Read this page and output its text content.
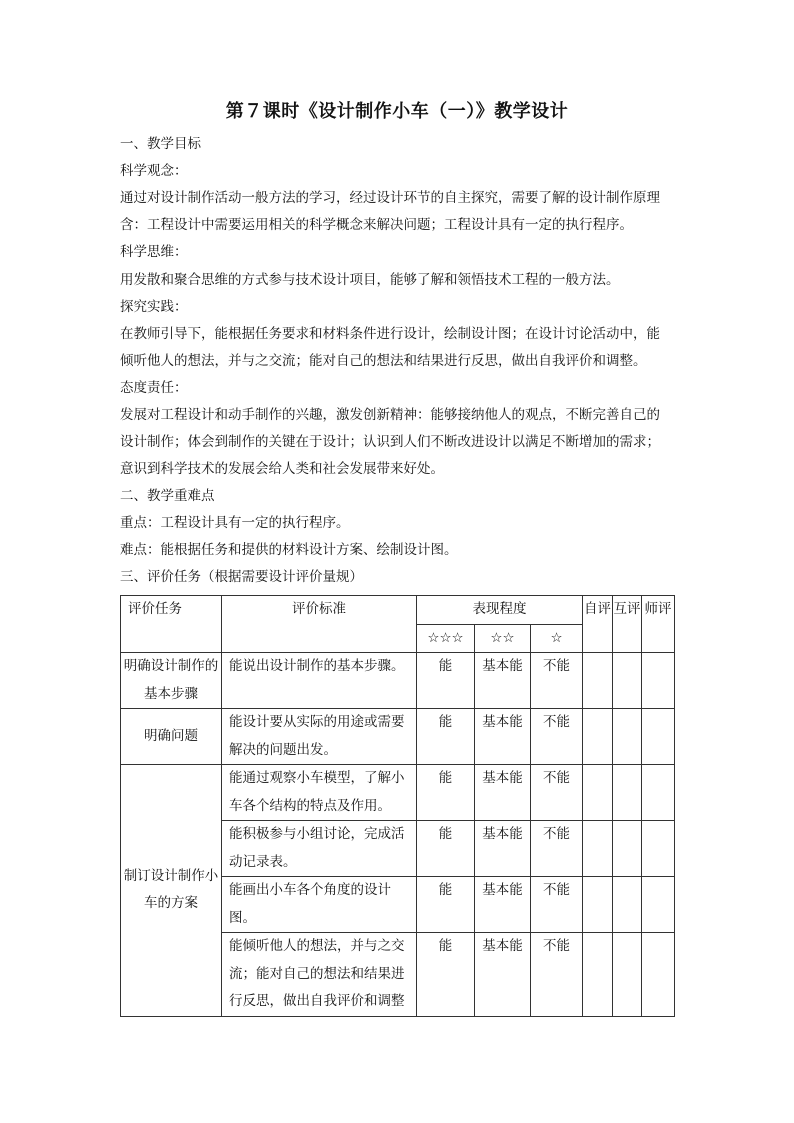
第７课时《设计制作小车（一）》教学设计
一、教学目标
科学观念：
通过对设计制作活动一般方法的学习，经过设计环节的自主探究，需要了解的设计制作原理
含：工程设计中需要运用相关的科学概念来解决问题；工程设计具有一定的执行程序。
科学思维：
用发散和聚合思维的方式参与技术设计项目，能够了解和领悟技术工程的一般方法。
探究实践：
在教师引导下，能根据任务要求和材料条件进行设计，绘制设计图；在设计讨论活动中，能
倾听他人的想法，并与之交流；能对自己的想法和结果进行反思，做出自我评价和调整。
态度责任：
发展对工程设计和动手制作的兴趣，激发创新精神：能够接纳他人的观点，不断完善自己的
设计制作；体会到制作的关键在于设计；认识到人们不断改进设计以满足不断增加的需求；
意识到科学技术的发展会给人类和社会发展带来好处。
二、教学重难点
重点：工程设计具有一定的执行程序。
难点：能根据任务和提供的材料设计方案、绘制设计图。
三、评价任务（根据需要设计评价量规）
评价任务	评价标准	表现程度			自评	互评	师评
		☆☆☆	☆☆	☆			
明确设计制作的基本步骤	能说出设计制作的基本步骤。	能	基本能	不能			
明确问题	能设计要从实际的用途或需要解决的问题出发。	能	基本能	不能			
制订设计制作小车的方案	能通过观察小车模型，了解小车各个结构的特点及作用。	能	基本能	不能			
	能积极参与小组讨论，完成活动记录表。	能	基本能	不能			
	能画出小车各个角度的设计图。	能	基本能	不能			
	能倾听他人的想法，并与之交流；能对自己的想法和结果进行反思，做出自我评价和调整	能	基本能	不能			
